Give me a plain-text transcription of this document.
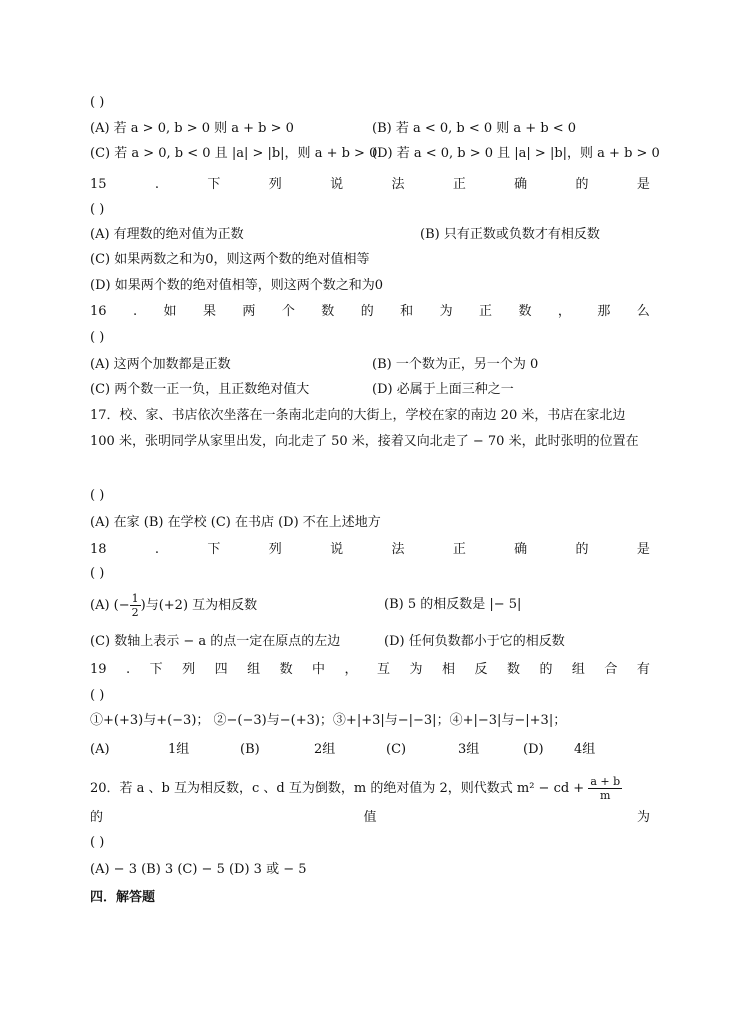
( )
(A) 若 a > 0, b > 0 则 a + b > 0	(B) 若 a < 0, b < 0 则 a + b < 0
(C) 若 a > 0, b < 0 且 |a| > |b|，则 a + b > 0
(D) 若 a < 0, b > 0 且 |a| > |b|，则 a + b > 0
15	.	下	列	说	法	正	确	的	是
( )
(A) 有理数的绝对值为正数	(B) 只有正数或负数才有相反数
(C) 如果两数之和为0，则这两个数的绝对值相等
(D) 如果两个数的绝对值相等，则这两个数之和为0
16 . 如 果 两 个 数 的 和 为 正 数 ， 那 么
( )
(A) 这两个加数都是正数	(B) 一个数为正，另一个为 0
(C) 两个数一正一负，且正数绝对值大	(D) 必属于上面三种之一
17．校、家、书店依次坐落在一条南北走向的大街上，学校在家的南边 20 米，书店在家北边
100 米，张明同学从家里出发，向北走了 50 米，接着又向北走了 − 70 米，此时张明的位置在
( )
(A) 在家 (B) 在学校 (C) 在书店 (D) 不在上述地方
18	.	下	列	说	法	正	确	的	是
( )
(A) (− $\frac{1}{2}$ )与(+2) 互为相反数	(B) 5 的相反数是 |− 5|
(C) 数轴上表示 − a 的点一定在原点的左边	(D) 任何负数都小于它的相反数
19 . 下 列 四 组 数 中 ， 互 为 相 反 数 的 组 合 有
( )
①+(+3)与+(−3)； ②−(−3)与−(+3)；③+|+3|与−|−3|；④+|−3|与−|+3|；
(A)	1组	(B)	2组	(C)	3组	(D) 4组
20．若 a 、b 互为相反数，c 、d 互为倒数，m 的绝对值为 2，则代数式 m² − cd + $\frac{a + b}{m}$
的	值	为
( )
(A) − 3 (B) 3 (C) − 5 (D) 3 或 − 5
四．解答题
